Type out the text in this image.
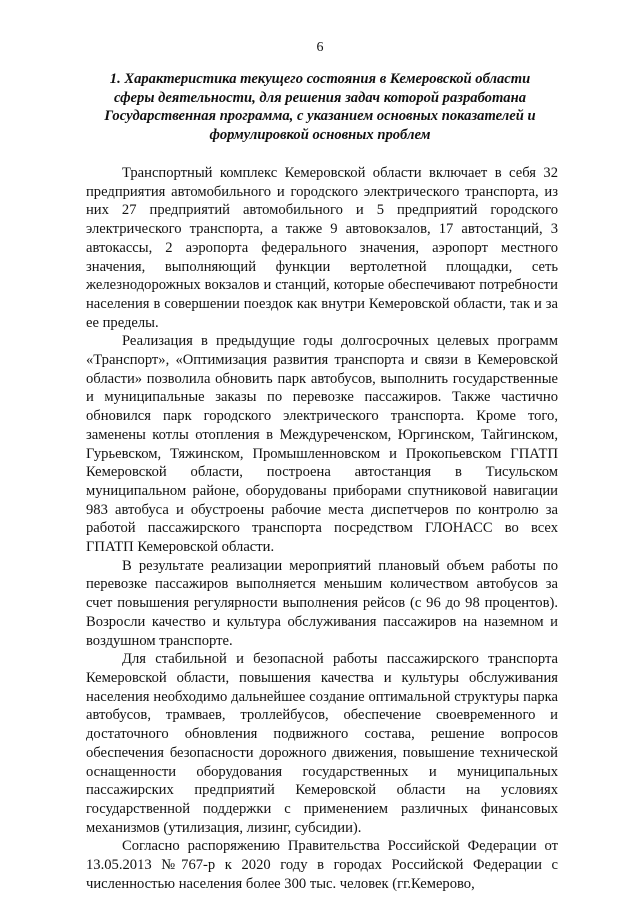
6
1. Характеристика текущего состояния в Кемеровской области сферы деятельности, для решения задач которой разработана Государственная программа, с указанием основных показателей и формулировкой основных проблем

Транспортный комплекс Кемеровской области включает в себя 32 предприятия автомобильного и городского электрического транспорта, из них 27 предприятий автомобильного и 5 предприятий городского электрического транспорта, а также 9 автовокзалов, 17 автостанций, 3 автокассы, 2 аэропорта федерального значения, аэропорт местного значения, выполняющий функции вертолетной площадки, сеть железнодорожных вокзалов и станций, которые обеспечивают потребности населения в совершении поездок как внутри Кемеровской области, так и за ее пределы.

Реализация в предыдущие годы долгосрочных целевых программ «Транспорт», «Оптимизация развития транспорта и связи в Кемеровской области» позволила обновить парк автобусов, выполнить государственные и муниципальные заказы по перевозке пассажиров. Также частично обновился парк городского электрического транспорта. Кроме того, заменены котлы отопления в Междуреченском, Юргинском, Тайгинском, Гурьевском, Тяжинском, Промышленновском и Прокопьевском ГПАТП Кемеровской области, построена автостанция в Тисульском муниципальном районе, оборудованы приборами спутниковой навигации 983 автобуса и обустроены рабочие места диспетчеров по контролю за работой пассажирского транспорта посредством ГЛОНАСС во всех ГПАТП Кемеровской области.

В результате реализации мероприятий плановый объем работы по перевозке пассажиров выполняется меньшим количеством автобусов за счет повышения регулярности выполнения рейсов (с 96 до 98 процентов). Возросли качество и культура обслуживания пассажиров на наземном и воздушном транспорте.

Для стабильной и безопасной работы пассажирского транспорта Кемеровской области, повышения качества и культуры обслуживания населения необходимо дальнейшее создание оптимальной структуры парка автобусов, трамваев, троллейбусов, обеспечение своевременного и достаточного обновления подвижного состава, решение вопросов обеспечения безопасности дорожного движения, повышение технической оснащенности оборудования государственных и муниципальных пассажирских предприятий Кемеровской области на условиях государственной поддержки с применением различных финансовых механизмов (утилизация, лизинг, субсидии).

Согласно распоряжению Правительства Российской Федерации от 13.05.2013 №767-р к 2020 году в городах Российской Федерации с численностью населения более 300 тыс. человек (гг.Кемерово,
